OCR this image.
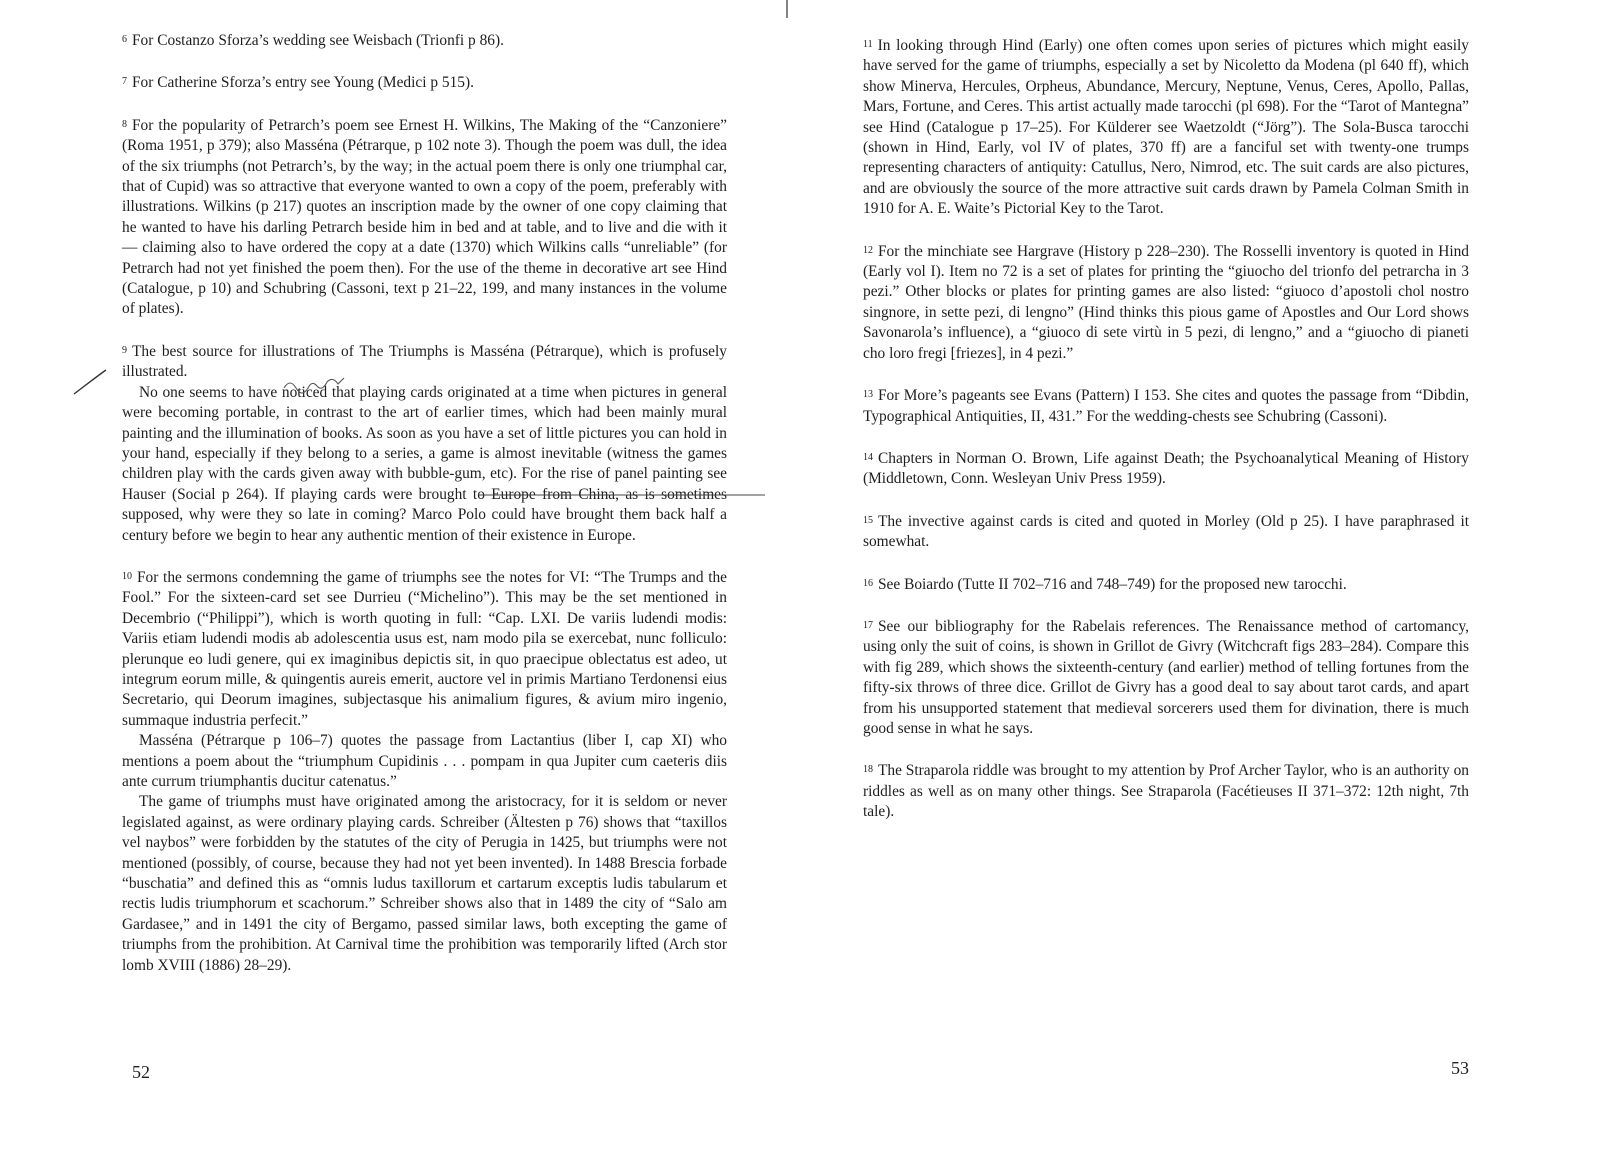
6 For Costanzo Sforza’s wedding see Weisbach (Trionfi p 86).

7 For Catherine Sforza’s entry see Young (Medici p 515).

8 For the popularity of Petrarch’s poem see Ernest H. Wilkins, The Making of the “Canzoniere” (Roma 1951, p 379); also Masséna (Pétrarque, p 102 note 3). Though the poem was dull, the idea of the six triumphs (not Petrarch’s, by the way; in the actual poem there is only one triumphal car, that of Cupid) was so attractive that everyone wanted to own a copy of the poem, preferably with illustrations. Wilkins (p 217) quotes an inscription made by the owner of one copy claiming that he wanted to have his darling Petrarch beside him in bed and at table, and to live and die with it — claiming also to have ordered the copy at a date (1370) which Wilkins calls “unreliable” (for Petrarch had not yet finished the poem then). For the use of the theme in decorative art see Hind (Catalogue, p 10) and Schubring (Cassoni, text p 21–22, 199, and many instances in the volume of plates).

9 The best source for illustrations of The Triumphs is Masséna (Pétrarque), which is profusely illustrated.

No one seems to have noticed that playing cards originated at a time when pictures in general were becoming portable, in contrast to the art of earlier times, which had been mainly mural painting and the illumination of books. As soon as you have a set of little pictures you can hold in your hand, especially if they belong to a series, a game is almost inevitable (witness the games children play with the cards given away with bubble-gum, etc). For the rise of panel painting see Hauser (Social p 264). If playing cards were brought to Europe from China, as is sometimes supposed, why were they so late in coming? Marco Polo could have brought them back half a century before we begin to hear any authentic mention of their existence in Europe.

10 For the sermons condemning the game of triumphs see the notes for VI: “The Trumps and the Fool.” For the sixteen-card set see Durrieu (“Michelino”). This may be the set mentioned in Decembrio (“Philippi”), which is worth quoting in full: “Cap. LXI. De variis ludendi modis: Variis etiam ludendi modis ab adolescentia usus est, nam modo pila se exercebat, nunc folliculo: plerunque eo ludi genere, qui ex imaginibus depictis sit, in quo praecipue oblectatus est adeo, ut integrum eorum mille, & quingentis aureis emerit, auctore vel in primis Martiano Terdonensi eius Secretario, qui Deorum imagines, subjectasque his animalium figures, & avium miro ingenio, summaque industria perfecit.”

Masséna (Pétrarque p 106–7) quotes the passage from Lactantius (liber I, cap XI) who mentions a poem about the “triumphum Cupidinis . . . pompam in qua Jupiter cum caeteris diis ante currum triumphantis ducitur catenatus.”

The game of triumphs must have originated among the aristocracy, for it is seldom or never legislated against, as were ordinary playing cards. Schreiber (Ältesten p 76) shows that “taxillos vel naybos” were forbidden by the statutes of the city of Perugia in 1425, but triumphs were not mentioned (possibly, of course, because they had not yet been invented). In 1488 Brescia forbade “buschatia” and defined this as “omnis ludus taxillorum et cartarum exceptis ludis tabularum et rectis ludis triumphorum et scachorum.” Schreiber shows also that in 1489 the city of “Salo am Gardasee,” and in 1491 the city of Bergamo, passed similar laws, both excepting the game of triumphs from the prohibition. At Carnival time the prohibition was temporarily lifted (Arch stor lomb XVIII (1886) 28–29).

52

11 In looking through Hind (Early) one often comes upon series of pictures which might easily have served for the game of triumphs, especially a set by Nicoletto da Modena (pl 640 ff), which show Minerva, Hercules, Orpheus, Abundance, Mercury, Neptune, Venus, Ceres, Apollo, Pallas, Mars, Fortune, and Ceres. This artist actually made tarocchi (pl 698). For the “Tarot of Mantegna” see Hind (Catalogue p 17–25). For Külderer see Waetzoldt (“Jörg”). The Sola-Busca tarocchi (shown in Hind, Early, vol IV of plates, 370 ff) are a fanciful set with twenty-one trumps representing characters of antiquity: Catullus, Nero, Nimrod, etc. The suit cards are also pictures, and are obviously the source of the more attractive suit cards drawn by Pamela Colman Smith in 1910 for A. E. Waite’s Pictorial Key to the Tarot.

12 For the minchiate see Hargrave (History p 228–230). The Rosselli inventory is quoted in Hind (Early vol I). Item no 72 is a set of plates for printing the “giuocho del trionfo del petrarcha in 3 pezi.” Other blocks or plates for printing games are also listed: “giuoco d’apostoli chol nostro singnore, in sette pezi, di lengno” (Hind thinks this pious game of Apostles and Our Lord shows Savonarola’s influence), a “giuoco di sete virtù in 5 pezi, di lengno,” and a “giuocho di pianeti cho loro fregi [friezes], in 4 pezi.”

13 For More’s pageants see Evans (Pattern) I 153. She cites and quotes the passage from “Dibdin, Typographical Antiquities, II, 431.” For the wedding-chests see Schubring (Cassoni).

14 Chapters in Norman O. Brown, Life against Death; the Psychoanalytical Meaning of History (Middletown, Conn. Wesleyan Univ Press 1959).

15 The invective against cards is cited and quoted in Morley (Old p 25). I have paraphrased it somewhat.

16 See Boiardo (Tutte II 702–716 and 748–749) for the proposed new tarocchi.

17 See our bibliography for the Rabelais references. The Renaissance method of cartomancy, using only the suit of coins, is shown in Grillot de Givry (Witchcraft figs 283–284). Compare this with fig 289, which shows the sixteenth-century (and earlier) method of telling fortunes from the fifty-six throws of three dice. Grillot de Givry has a good deal to say about tarot cards, and apart from his unsupported statement that medieval sorcerers used them for divination, there is much good sense in what he says.

18 The Straparola riddle was brought to my attention by Prof Archer Taylor, who is an authority on riddles as well as on many other things. See Straparola (Facétieuses II 371–372: 12th night, 7th tale).

53
